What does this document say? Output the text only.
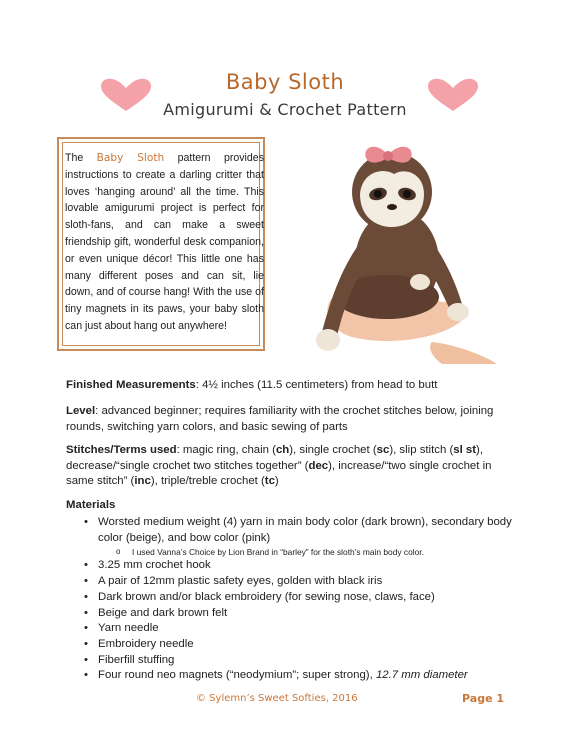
Baby Sloth
Amigurumi & Crochet Pattern
The Baby Sloth pattern provides instructions to create a darling critter that loves ‘hanging around’ all the time. This lovable amigurumi project is perfect for sloth-fans, and can make a sweet friendship gift, wonderful desk companion, or even unique décor! This little one has many different poses and can sit, lie down, and of course hang! With the use of tiny magnets in its paws, your baby sloth can just about hang out anywhere!
Finished Measurements: 4½ inches (11.5 centimeters) from head to butt
Level: advanced beginner; requires familiarity with the crochet stitches below, joining rounds, switching yarn colors, and basic sewing of parts
Stitches/Terms used: magic ring, chain (ch), single crochet (sc), slip stitch (sl st), decrease/“single crochet two stitches together” (dec), increase/“two single crochet in same stitch” (inc), triple/treble crochet (tc)
Materials
• Worsted medium weight (4) yarn in main body color (dark brown), secondary body color (beige), and bow color (pink)
o I used Vanna’s Choice by Lion Brand in “barley” for the sloth’s main body color.
• 3.25 mm crochet hook
• A pair of 12mm plastic safety eyes, golden with black iris
• Dark brown and/or black embroidery (for sewing nose, claws, face)
• Beige and dark brown felt
• Yarn needle
• Embroidery needle
• Fiberfill stuffing
• Four round neo magnets (“neodymium”; super strong), 12.7 mm diameter
© Sylemn’s Sweet Softies, 2016	Page 1
